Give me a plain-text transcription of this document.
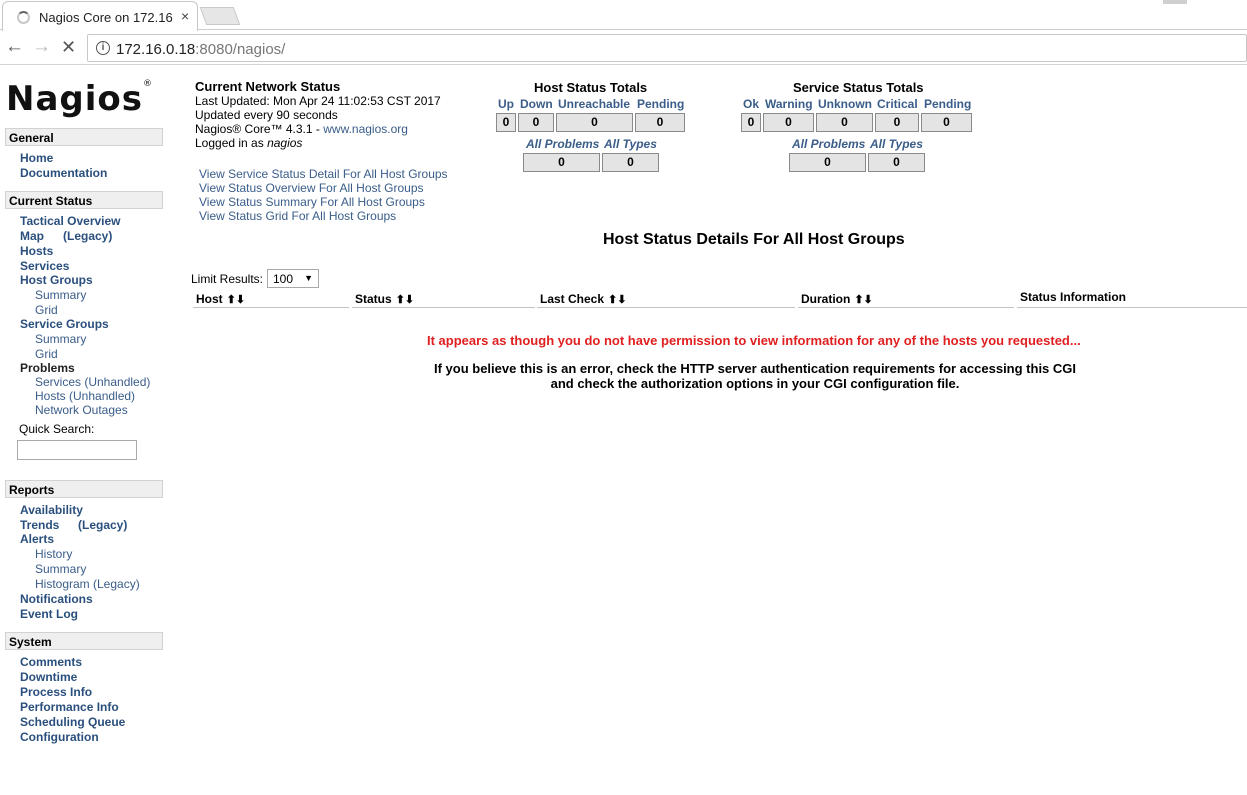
Nagios Core on 172.16 ×
← → ✕	i 172.16.0.18:8080/nagios/
Nagios®
General
Home
Documentation
Current Status
Tactical Overview
Map (Legacy)
Hosts
Services
Host Groups
Summary
Grid
Service Groups
Summary
Grid
Problems
Services (Unhandled)
Hosts (Unhandled)
Network Outages
Quick Search:
Reports
Availability
Trends (Legacy)
Alerts
History
Summary
Histogram (Legacy)
Notifications
Event Log
System
Comments
Downtime
Process Info
Performance Info
Scheduling Queue
Configuration
Current Network Status
Last Updated: Mon Apr 24 11:02:53 CST 2017
Updated every 90 seconds
Nagios® Core™ 4.3.1 - www.nagios.org
Logged in as nagios
View Service Status Detail For All Host Groups
View Status Overview For All Host Groups
View Status Summary For All Host Groups
View Status Grid For All Host Groups
Host Status Totals
Up Down Unreachable Pending
0	0	0	0
All Problems All Types
0	0
Service Status Totals
Ok Warning Unknown Critical Pending
0	0	0	0	0
All Problems All Types
0	0
Host Status Details For All Host Groups
Limit Results: 100 ▼
Host ⬆⬇	Status ⬆⬇	Last Check ⬆⬇	Duration ⬆⬇	Status Information
It appears as though you do not have permission to view information for any of the hosts you requested...
If you believe this is an error, check the HTTP server authentication requirements for accessing this CGI
and check the authorization options in your CGI configuration file.
